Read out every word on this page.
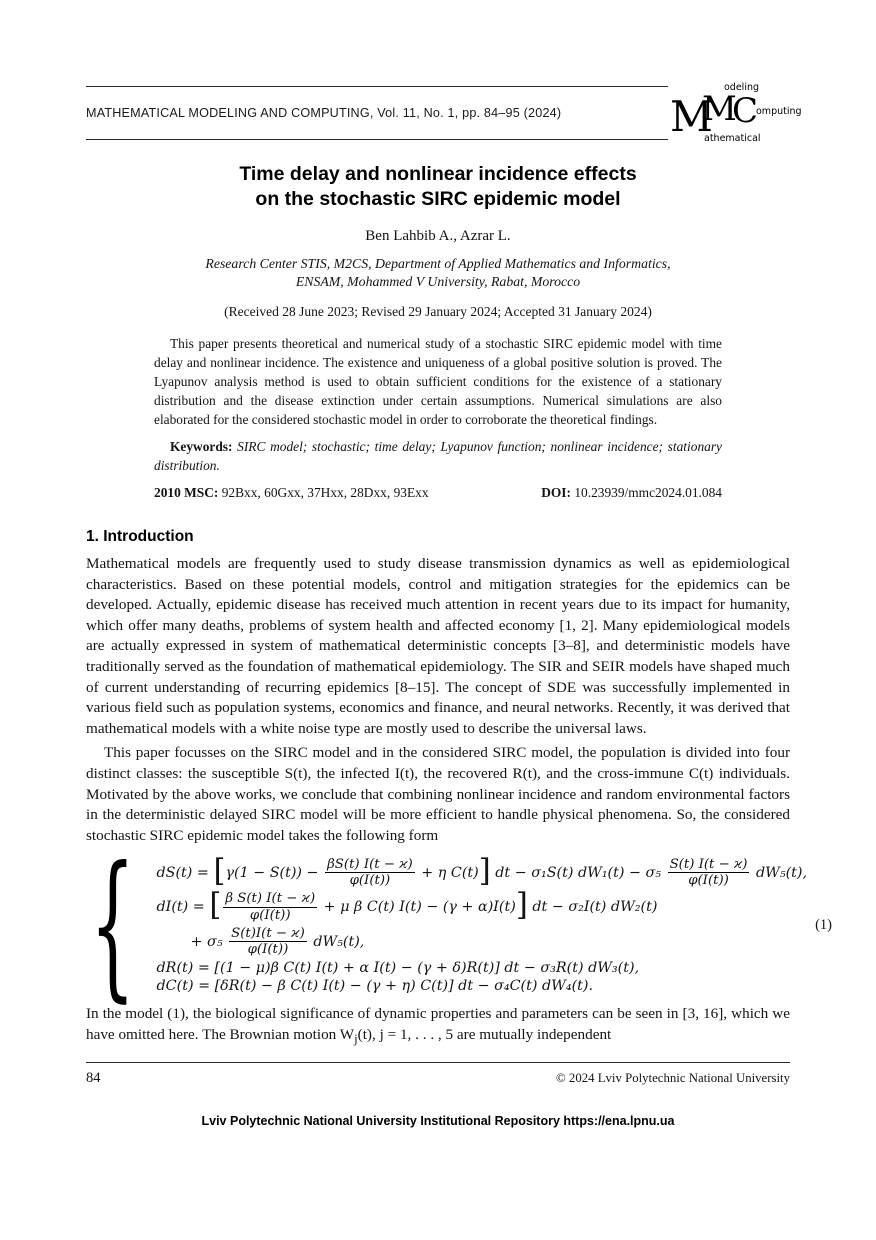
MATHEMATICAL MODELING AND COMPUTING, Vol. 11, No. 1, pp. 84–95 (2024)	M
M
C
odeling
omputing
athematical
Time delay and nonlinear incidence effects
on the stochastic SIRC epidemic model
Ben Lahbib A., Azrar L.
Research Center STIS, M2CS, Department of Applied Mathematics and Informatics,
ENSAM, Mohammed V University, Rabat, Morocco
(Received 28 June 2023; Revised 29 January 2024; Accepted 31 January 2024)
This paper presents theoretical and numerical study of a stochastic SIRC epidemic model with time delay and nonlinear incidence. The existence and uniqueness of a global positive solution is proved. The Lyapunov analysis method is used to obtain sufficient conditions for the existence of a stationary distribution and the disease extinction under certain assumptions. Numerical simulations are also elaborated for the considered stochastic model in order to corroborate the theoretical findings.
Keywords: SIRC model; stochastic; time delay; Lyapunov function; nonlinear incidence; stationary distribution.
2010 MSC: 92Bxx, 60Gxx, 37Hxx, 28Dxx, 93Exx	DOI: 10.23939/mmc2024.01.084
1. Introduction
Mathematical models are frequently used to study disease transmission dynamics as well as epidemiological characteristics. Based on these potential models, control and mitigation strategies for the epidemics can be developed. Actually, epidemic disease has received much attention in recent years due to its impact for humanity, which offer many deaths, problems of system health and affected economy [1, 2]. Many epidemiological models are actually expressed in system of mathematical deterministic concepts [3–8], and deterministic models have traditionally served as the foundation of mathematical epidemiology. The SIR and SEIR models have shaped much of current understanding of recurring epidemics [8–15]. The concept of SDE was successfully implemented in various field such as population systems, economics and finance, and neural networks. Recently, it was derived that mathematical models with a white noise type are mostly used to describe the universal laws.
This paper focusses on the SIRC model and in the considered SIRC model, the population is divided into four distinct classes: the susceptible S(t), the infected I(t), the recovered R(t), and the cross-immune C(t) individuals. Motivated by the above works, we conclude that combining nonlinear incidence and random environmental factors in the deterministic delayed SIRC model will be more efficient to handle physical phenomena. So, the considered stochastic SIRC epidemic model takes the following form
{ $dS(t) = [\gamma(1 - S(t)) - \frac{\beta S(t) I(t - ϰ)}{\varphi(I(t))} + \eta$ C(t)] dt − σ₁S(t) $dW_1(t) - \sigma_5 \frac{S(t) I(t - ϰ)}{\varphi(I(t))} dW_5(t)$,
dI(t) = [ $\frac{\text{β S(t) I(t − ϰ)}}{\varphi(I(t))} + \mu$ β C(t) I(t) − (γ + α)I(t)] dt − σ₂I(t) dW₂(t)
+ $\sigma_5 \frac{S(t)I(t - ϰ)}{\varphi(I(t))} dW_5(t)$,
dR(t) = [(1 − μ)β C(t) I(t) + α I(t) − (γ + δ)R(t)] dt − σ₃R(t) dW₃(t),
dC(t) = [δR(t) − β C(t) I(t) − (γ + η) C(t)] dt − σ₄C(t) dW₄(t).
(1)
In the model (1), the biological significance of dynamic properties and parameters can be seen in [3, 16], which we have omitted here. The Brownian motion $W_j(t)$, j = 1, . . . , 5 are mutually independent
84	© 2024 Lviv Polytechnic National University
Lviv Polytechnic National University Institutional Repository https://ena.lpnu.ua
